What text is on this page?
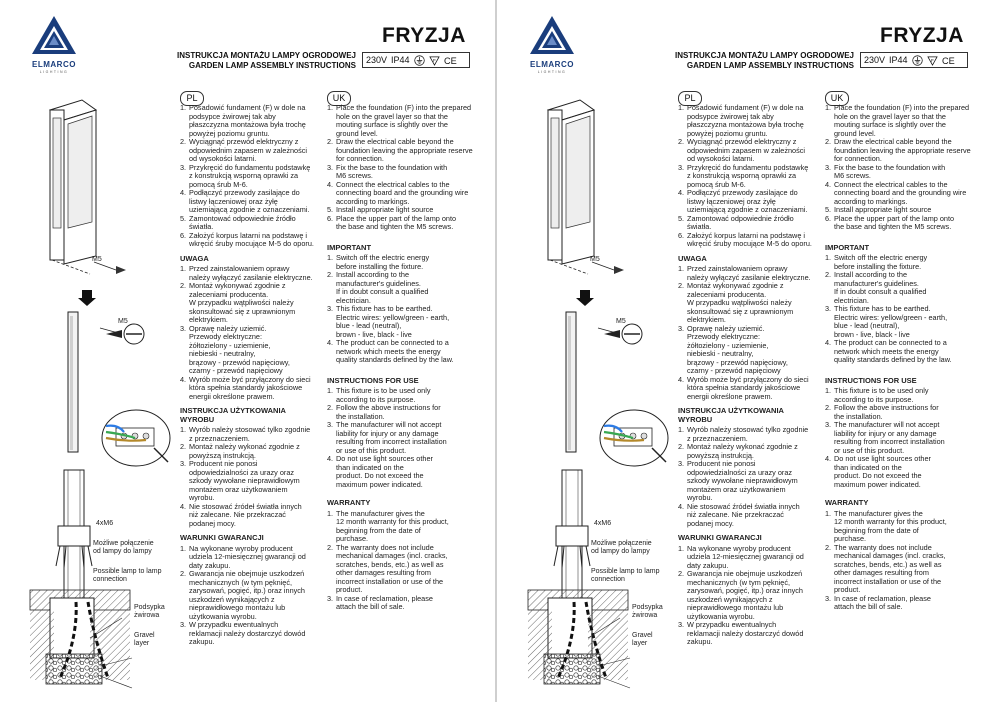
ELMARCO
LIGHTING
FRYZJA
INSTRUKCJA MONTAŻU LAMPY OGRODOWEJ
GARDEN LAMP ASSEMBLY INSTRUCTIONS
230V IP44	F CE
PL	UK
M5
M5
4xM6
Możliwe połączenie
od lampy do lampy
Possible lamp to lamp
connection
Podsypka
żwirowa
Gravel
layer
1. Posadowić fundament (F) w dole na
podsypce żwirowej tak aby
płaszczyzna montażowa była trochę
powyżej poziomu gruntu.
2. Wyciągnąć przewód elektryczny z
odpowiednim zapasem w zależności
od wysokości latarni.
3. Przykręcić do fundamentu podstawkę
z konstrukcją wsporną oprawki za
pomocą śrub M-6.
4. Podłączyć przewody zasilające do
listwy łączeniowej oraz żyłę
uziemiającą zgodnie z oznaczeniami.
5. Zamontować odpowiednie źródło
światła.
6. Założyć korpus latarni na podstawę i
wkręcić śruby mocujące M-5 do oporu.
UWAGA
1. Przed zainstalowaniem oprawy
należy wyłączyć zasilanie elektryczne.
2. Montaż wykonywać zgodnie z
zaleceniami producenta.
W przypadku wątpliwości należy
skonsultować się z uprawnionym
elektrykiem.
3. Oprawę należy uziemić.
Przewody elektryczne:
żółtozielony - uziemienie,
niebieski - neutralny,
brązowy - przewód napięciowy,
czarny - przewód napięciowy
4. Wyrób może być przyłączony do sieci
która spełnia standardy jakościowe
energii określone prawem.
INSTRUKCJA UŻYTKOWANIA
WYROBU
1. Wyrób należy stosować tylko zgodnie
z przeznaczeniem.
2. Montaż należy wykonać zgodnie z
powyższą instrukcją.
3. Producent nie ponosi
odpowiedzialności za urazy oraz
szkody wywołane nieprawidłowym
montażem oraz użytkowaniem
wyrobu.
4. Nie stosować źródeł światła innych
niż zalecane. Nie przekraczać
podanej mocy.
WARUNKI GWARANCJI
1. Na wykonane wyroby producent
udziela 12-miesięcznej gwarancji od
daty zakupu.
2. Gwarancja nie obejmuje uszkodzeń
mechanicznych (w tym pęknięć,
zarysowań, pogięć, itp.) oraz innych
uszkodzeń wynikających z
nieprawidłowego montażu lub
użytkowania wyrobu.
3. W przypadku ewentualnych
reklamacji należy dostarczyć dowód
zakupu.
1. Place the foundation (F) into the prepared
hole on the gravel layer so that the
mouting surface is slightly over the
ground level.
2. Draw the electrical cable beyond the
foundation leaving the appropriate reserve
for connection.
3. Fix the base to the foundation with
M6 screws.
4. Connect the electrical cables to the
connecting board and the grounding wire
according to markings.
5. Install appropriate light source
6. Place the upper part of the lamp onto
the base and tighten the M5 screws.
IMPORTANT
1. Switch off the electric energy
before installing the fixture.
2. Install according to the
manufacturer's guidelines.
If in doubt consult a qualified
electrician.
3. This fixture has to be earthed.
Electric wires: yellow/green - earth,
blue - lead (neutral),
brown - live, black - live
4. The product can be connected to a
network which meets the energy
quality standards defined by the law.
INSTRUCTIONS FOR USE
1. This fixture is to be used only
according to its purpose.
2. Follow the above instructions for
the installation.
3. The manufacturer will not accept
liability for injury or any damage
resulting from incorrect installation
or use of this product.
4. Do not use light sources other
than indicated on the
product. Do not exceed the
maximum power indicated.
WARRANTY
1. The manufacturer gives the
12 month warranty for this product,
beginning from the date of
purchase.
2. The warranty does not include
mechanical damages (incl. cracks,
scratches, bends, etc.) as well as
other damages resulting from
incorrect installation or use of the
product.
3. In case of reclamation, please
attach the bill of sale.
ELMARCO
LIGHTING
FRYZJA
INSTRUKCJA MONTAŻU LAMPY OGRODOWEJ
GARDEN LAMP ASSEMBLY INSTRUCTIONS
230V IP44	F CE
PL	UK
M5
M5
4xM6
Możliwe połączenie
od lampy do lampy
Possible lamp to lamp
connection
Podsypka
żwirowa
Gravel
layer
1. Posadowić fundament (F) w dole na
podsypce żwirowej tak aby
płaszczyzna montażowa była trochę
powyżej poziomu gruntu.
2. Wyciągnąć przewód elektryczny z
odpowiednim zapasem w zależności
od wysokości latarni.
3. Przykręcić do fundamentu podstawkę
z konstrukcją wsporną oprawki za
pomocą śrub M-6.
4. Podłączyć przewody zasilające do
listwy łączeniowej oraz żyłę
uziemiającą zgodnie z oznaczeniami.
5. Zamontować odpowiednie źródło
światła.
6. Założyć korpus latarni na podstawę i
wkręcić śruby mocujące M-5 do oporu.
UWAGA
1. Przed zainstalowaniem oprawy
należy wyłączyć zasilanie elektryczne.
2. Montaż wykonywać zgodnie z
zaleceniami producenta.
W przypadku wątpliwości należy
skonsultować się z uprawnionym
elektrykiem.
3. Oprawę należy uziemić.
Przewody elektryczne:
żółtozielony - uziemienie,
niebieski - neutralny,
brązowy - przewód napięciowy,
czarny - przewód napięciowy
4. Wyrób może być przyłączony do sieci
która spełnia standardy jakościowe
energii określone prawem.
INSTRUKCJA UŻYTKOWANIA
WYROBU
1. Wyrób należy stosować tylko zgodnie
z przeznaczeniem.
2. Montaż należy wykonać zgodnie z
powyższą instrukcją.
3. Producent nie ponosi
odpowiedzialności za urazy oraz
szkody wywołane nieprawidłowym
montażem oraz użytkowaniem
wyrobu.
4. Nie stosować źródeł światła innych
niż zalecane. Nie przekraczać
podanej mocy.
WARUNKI GWARANCJI
1. Na wykonane wyroby producent
udziela 12-miesięcznej gwarancji od
daty zakupu.
2. Gwarancja nie obejmuje uszkodzeń
mechanicznych (w tym pęknięć,
zarysowań, pogięć, itp.) oraz innych
uszkodzeń wynikających z
nieprawidłowego montażu lub
użytkowania wyrobu.
3. W przypadku ewentualnych
reklamacji należy dostarczyć dowód
zakupu.
1. Place the foundation (F) into the prepared
hole on the gravel layer so that the
mouting surface is slightly over the
ground level.
2. Draw the electrical cable beyond the
foundation leaving the appropriate reserve
for connection.
3. Fix the base to the foundation with
M6 screws.
4. Connect the electrical cables to the
connecting board and the grounding wire
according to markings.
5. Install appropriate light source
6. Place the upper part of the lamp onto
the base and tighten the M5 screws.
IMPORTANT
1. Switch off the electric energy
before installing the fixture.
2. Install according to the
manufacturer's guidelines.
If in doubt consult a qualified
electrician.
3. This fixture has to be earthed.
Electric wires: yellow/green - earth,
blue - lead (neutral),
brown - live, black - live
4. The product can be connected to a
network which meets the energy
quality standards defined by the law.
INSTRUCTIONS FOR USE
1. This fixture is to be used only
according to its purpose.
2. Follow the above instructions for
the installation.
3. The manufacturer will not accept
liability for injury or any damage
resulting from incorrect installation
or use of this product.
4. Do not use light sources other
than indicated on the
product. Do not exceed the
maximum power indicated.
WARRANTY
1. The manufacturer gives the
12 month warranty for this product,
beginning from the date of
purchase.
2. The warranty does not include
mechanical damages (incl. cracks,
scratches, bends, etc.) as well as
other damages resulting from
incorrect installation or use of the
product.
3. In case of reclamation, please
attach the bill of sale.
